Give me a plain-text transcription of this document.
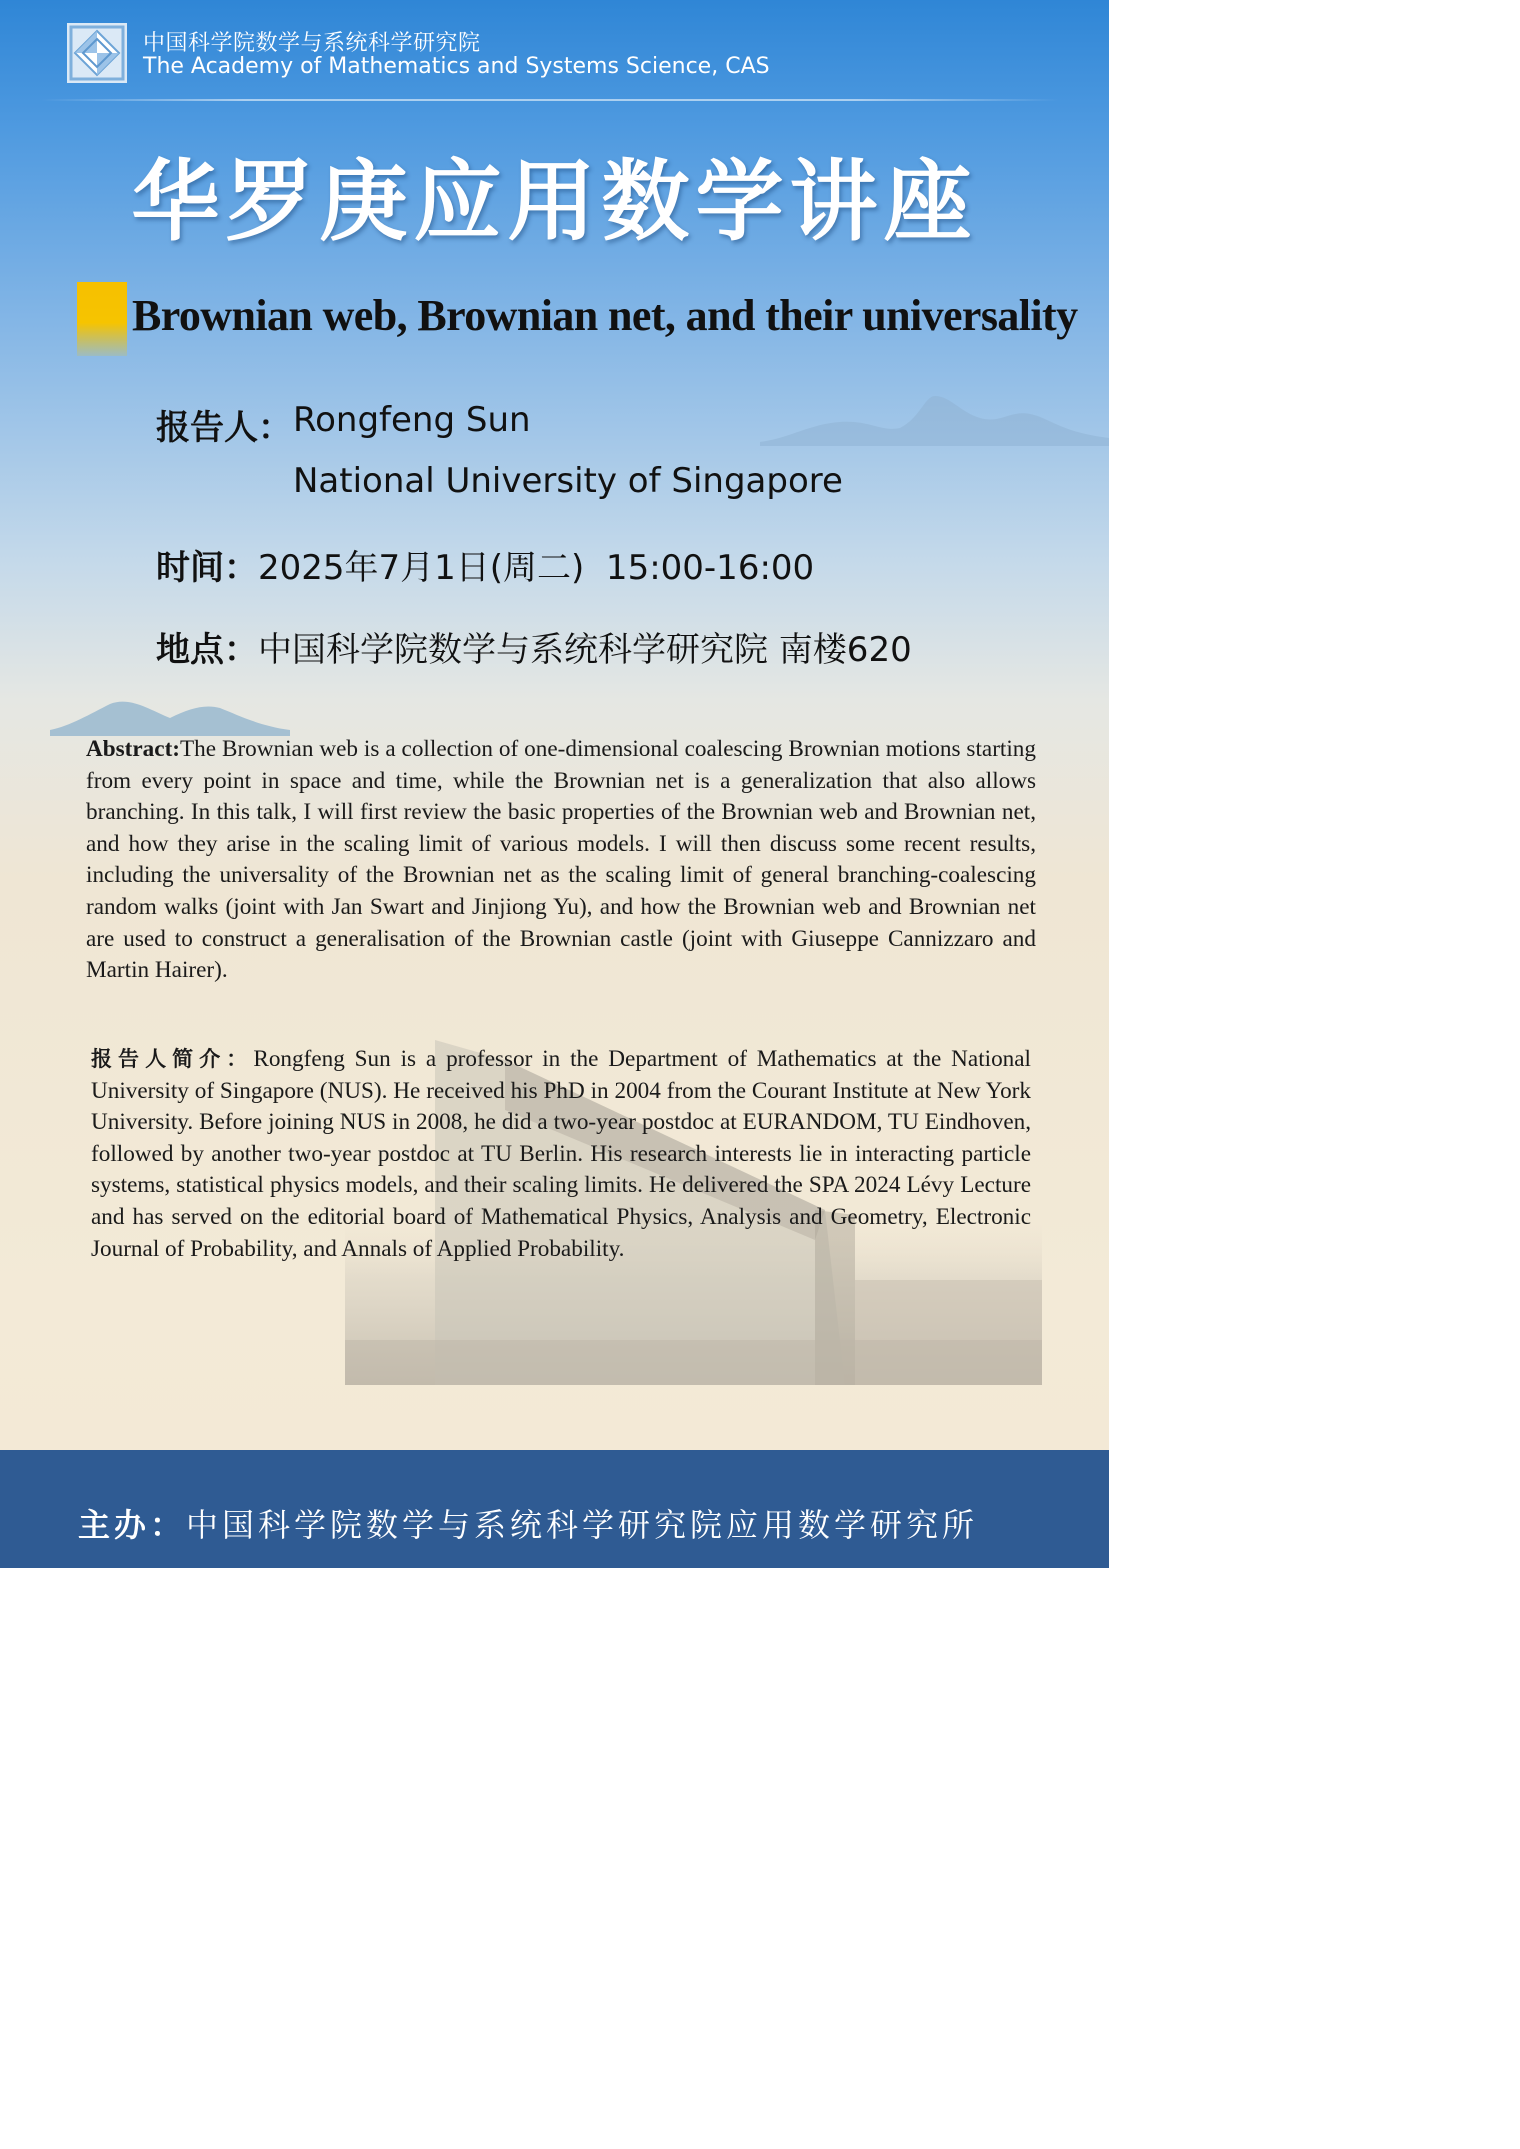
中国科学院数学与系统科学研究院
The Academy of Mathematics and Systems Science, CAS
华罗庚应用数学讲座
Brownian web, Brownian net, and their universality
报告人： Rongfeng Sun
National University of Singapore
时间： 2025年7月1日(周二)  15:00-16:00
地点： 中国科学院数学与系统科学研究院 南楼620
Abstract:The Brownian web is a collection of one-dimensional coalescing Brownian motions starting from every point in space and time, while the Brownian net is a generalization that also allows branching. In this talk, I will first review the basic properties of the Brownian web and Brownian net, and how they arise in the scaling limit of various models. I will then discuss some recent results, including the universality of the Brownian net as the scaling limit of general branching-coalescing random walks (joint with Jan Swart and Jinjiong Yu), and how the Brownian web and Brownian net are used to construct a generalisation of the Brownian castle (joint with Giuseppe Cannizzaro and Martin Hairer).
报告人简介：Rongfeng Sun is a professor in the Department of Mathematics at the National University of Singapore (NUS). He received his PhD in 2004 from the Courant Institute at New York University. Before joining NUS in 2008, he did a two-year postdoc at EURANDOM, TU Eindhoven, followed by another two-year postdoc at TU Berlin. His research interests lie in interacting particle systems, statistical physics models, and their scaling limits. He delivered the SPA 2024 Lévy Lecture and has served on the editorial board of Mathematical Physics, Analysis and Geometry, Electronic Journal of Probability, and Annals of Applied Probability.
主办：中国科学院数学与系统科学研究院应用数学研究所
